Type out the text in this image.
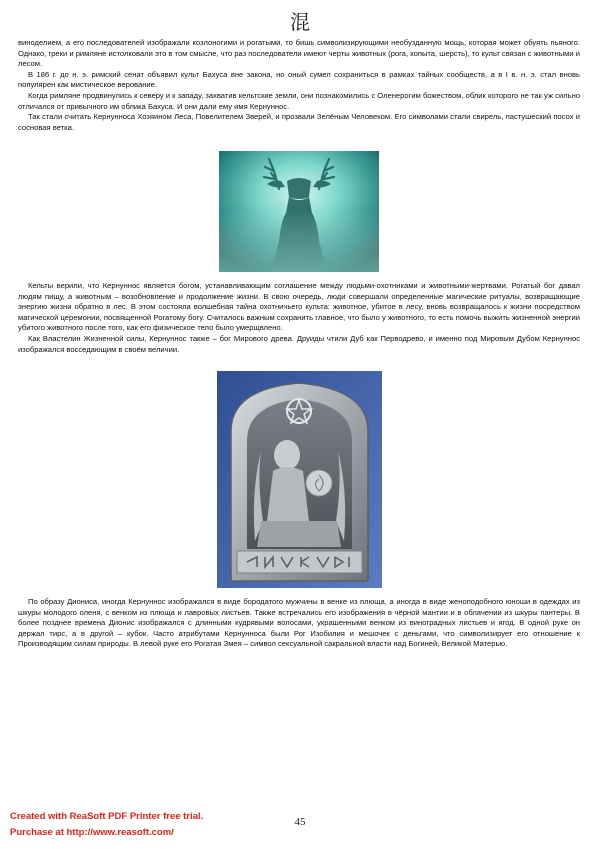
混

виноделием, а его последователей изображали козлоногими и рогатыми, то бишь символизирующими необузданную мощь, которая может обуять пьяного. Однако, греки и римляне истолковали это в том смысле, что раз последователи имеют черты животных (рога, копыта, шерсть), то культ связан с животными и лесом.

В 186 г. до н. э. римский сенат объявил культ Бахуса вне закона, но оный сумел сохраниться в рамках тайных сообществ, а в I в. н. э. стал вновь популярен как мистическое верование.

Когда римляне продвинулись к северу и к западу, захватив кельтские земли, они познакомились с Оленерогим божеством, облик которого не так уж сильно отличался от привычного им облика Бахуса. И они дали ему имя Кернуннос.

Так стали считать Кернунноса Хозяином Леса, Повелителем Зверей, и прозвали Зелёным Человеком. Его символами стали свирель, пастушеский посох и сосновая ветка.

Кельты верили, что Кернуннос является богом, устанавливающим соглашение между людьми-охотниками и животными-жертвами. Рогатый бог давал людям пищу, а животным – возобновление и продолжение жизни. В свою очередь, люди совершали определенные магические ритуалы, возвращающие энергию жизни обратно в лес. В этом состояла волшебная тайна охотничьего культа: животное, убитое в лесу, вновь возвращалось к жизни посредством магической церемонии, посвященной Рогатому богу. Считалось важным сохранить главное, что было у животного, то есть помочь выжить жизненной энергии убитого животного после того, как его физическое тело было умерщвлено.

Как Властелин Жизненной силы, Кернуннос также – бог Мирового древа. Друиды чтили Дуб как Перводрево, и именно под Мировым Дубом Кернуннос изображался восседающим в своём величии.

По образу Диониса, иногда Кернуннос изображался в виде бородатого мужчины в венке из плюща, а иногда в виде женоподобного юноши в одеждах из шкуры молодого оленя, с венком из плюща и лавровых листьев. Также встречались его изображения в чёрной мантии и в облачении из шкуры пантеры. В более позднее времена Дионис изображался с длинными кудрявыми волосами, украшенными венком из виноградных листьев и ягод. В одной руке он держал тирс, а в другой – кубок. Часто атрибутами Кернунноса были Рог Изобилия и мешочек с деньгами, что символизирует его отношение к Производящим силам природы. В левой руке его Рогатая Змея – символ сексуальной сакральной власти над Богиней, Великой Матерью.

Created with ReaSoft PDF Printer free trial.
Purchase at http://www.reasoft.com/
45
